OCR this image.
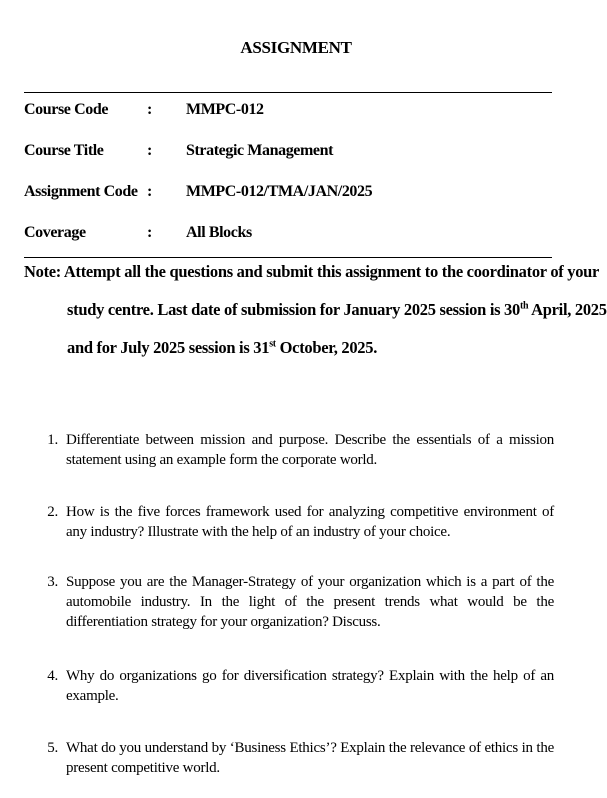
ASSIGNMENT
Course Code : MMPC-012
Course Title	: Strategic Management
Assignment Code : MMPC-012/TMA/JAN/2025
Coverage	: All Blocks
Note: Attempt all the questions and submit this assignment to the coordinator of your
study centre. Last date of submission for January 2025 session is 30th April, 2025
and for July 2025 session is 31st October, 2025.
1. Differentiate between mission and purpose. Describe the essentials of a mission statement using an example form the corporate world.
2. How is the five forces framework used for analyzing competitive environment of any industry? Illustrate with the help of an industry of your choice.
3. Suppose you are the Manager-Strategy of your organization which is a part of the automobile industry. In the light of the present trends what would be the differentiation strategy for your organization? Discuss.
4. Why do organizations go for diversification strategy? Explain with the help of an example.
5. What do you understand by ‘Business Ethics’? Explain the relevance of ethics in the present competitive world.
